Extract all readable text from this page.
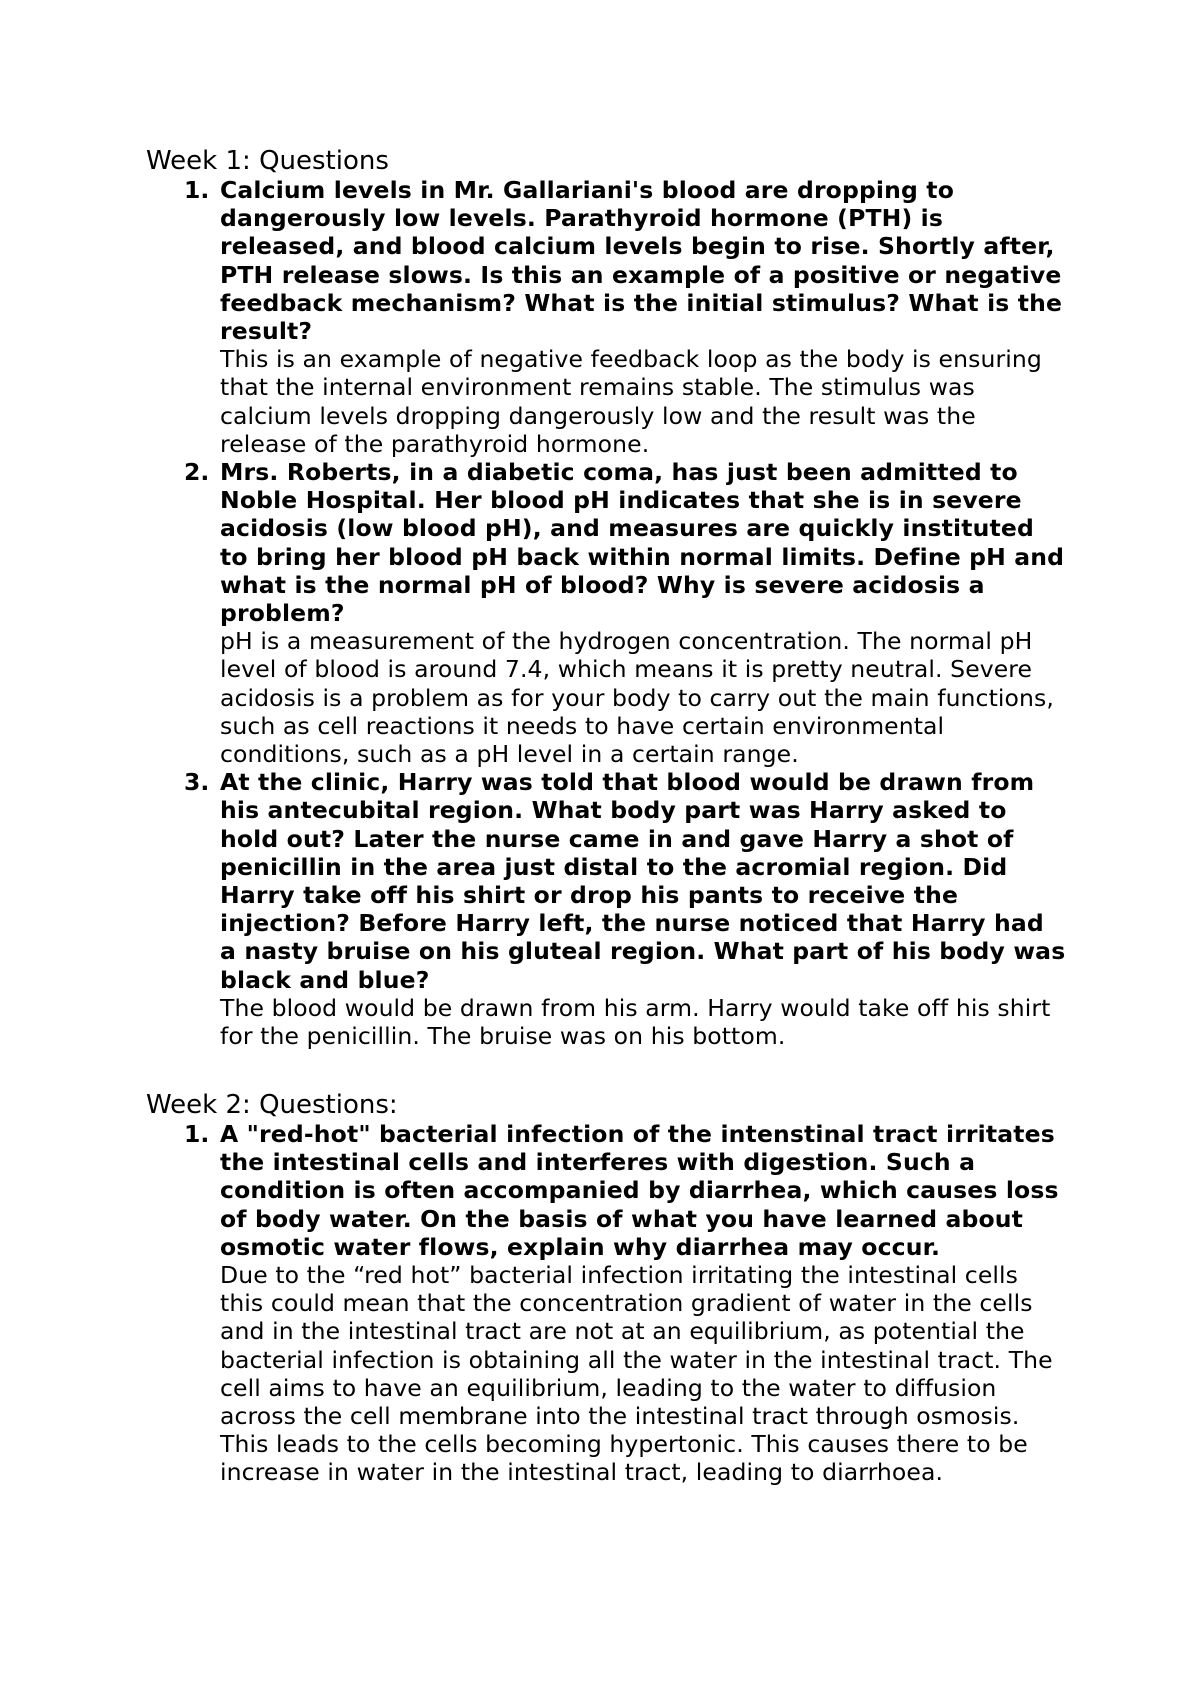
Week 1: Questions
1. Calcium levels in Mr. Gallariani's blood are dropping to dangerously low levels. Parathyroid hormone (PTH) is released, and blood calcium levels begin to rise. Shortly after, PTH release slows. Is this an example of a positive or negative feedback mechanism? What is the initial stimulus? What is the result?
This is an example of negative feedback loop as the body is ensuring that the internal environment remains stable. The stimulus was calcium levels dropping dangerously low and the result was the release of the parathyroid hormone.
2. Mrs. Roberts, in a diabetic coma, has just been admitted to Noble Hospital. Her blood pH indicates that she is in severe acidosis (low blood pH), and measures are quickly instituted to bring her blood pH back within normal limits. Define pH and what is the normal pH of blood? Why is severe acidosis a problem?
pH is a measurement of the hydrogen concentration. The normal pH level of blood is around 7.4, which means it is pretty neutral. Severe acidosis is a problem as for your body to carry out the main functions, such as cell reactions it needs to have certain environmental conditions, such as a pH level in a certain range.
3. At the clinic, Harry was told that blood would be drawn from his antecubital region. What body part was Harry asked to hold out? Later the nurse came in and gave Harry a shot of penicillin in the area just distal to the acromial region. Did Harry take off his shirt or drop his pants to receive the injection? Before Harry left, the nurse noticed that Harry had a nasty bruise on his gluteal region. What part of his body was black and blue?
The blood would be drawn from his arm. Harry would take off his shirt for the penicillin. The bruise was on his bottom.
Week 2: Questions:
1. A "red-hot" bacterial infection of the intenstinal tract irritates the intestinal cells and interferes with digestion. Such a condition is often accompanied by diarrhea, which causes loss of body water. On the basis of what you have learned about osmotic water flows, explain why diarrhea may occur.
Due to the “red hot” bacterial infection irritating the intestinal cells this could mean that the concentration gradient of water in the cells and in the intestinal tract are not at an equilibrium, as potential the bacterial infection is obtaining all the water in the intestinal tract. The cell aims to have an equilibrium, leading to the water to diffusion across the cell membrane into the intestinal tract through osmosis. This leads to the cells becoming hypertonic. This causes there to be increase in water in the intestinal tract, leading to diarrhoea.
